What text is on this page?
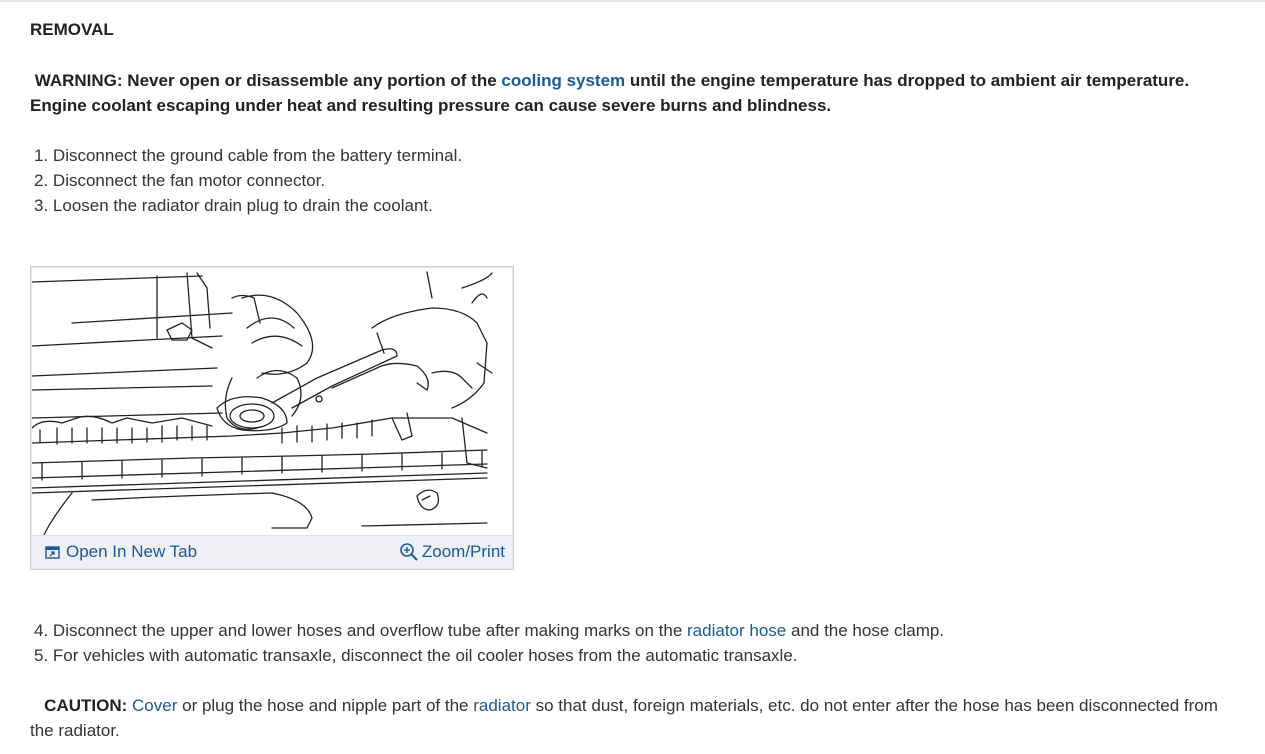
REMOVAL
WARNING: Never open or disassemble any portion of the cooling system until the engine temperature has dropped to ambient air temperature. Engine coolant escaping under heat and resulting pressure can cause severe burns and blindness.
1. Disconnect the ground cable from the battery terminal.
2. Disconnect the fan motor connector.
3. Loosen the radiator drain plug to drain the coolant.
Open In New Tab	Zoom/Print
4. Disconnect the upper and lower hoses and overflow tube after making marks on the radiator hose and the hose clamp.
5. For vehicles with automatic transaxle, disconnect the oil cooler hoses from the automatic transaxle.
CAUTION: Cover or plug the hose and nipple part of the radiator so that dust, foreign materials, etc. do not enter after the hose has been disconnected from the radiator.
